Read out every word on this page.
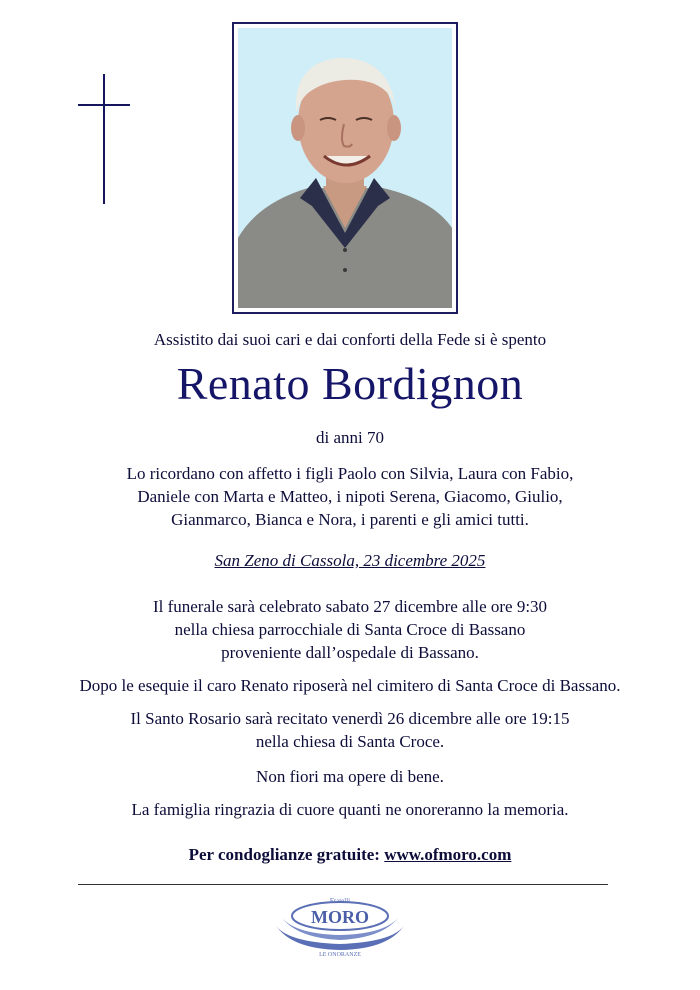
Assistito dai suoi cari e dai conforti della Fede si è spento
Renato Bordignon
di anni 70
Lo ricordano con affetto i figli Paolo con Silvia, Laura con Fabio,
Daniele con Marta e Matteo, i nipoti Serena, Giacomo, Giulio,
Gianmarco, Bianca e Nora, i parenti e gli amici tutti.
San Zeno di Cassola, 23 dicembre 2025
Il funerale sarà celebrato sabato 27 dicembre alle ore 9:30
nella chiesa parrocchiale di Santa Croce di Bassano
proveniente dall’ospedale di Bassano.
Dopo le esequie il caro Renato riposerà nel cimitero di Santa Croce di Bassano.
Il Santo Rosario sarà recitato venerdì 26 dicembre alle ore 19:15
nella chiesa di Santa Croce.
Non fiori ma opere di bene.
La famiglia ringrazia di cuore quanti ne onoreranno la memoria.
Per condoglianze gratuite: www.ofmoro.com
Fratelli
MORO
LE ONORANZE
